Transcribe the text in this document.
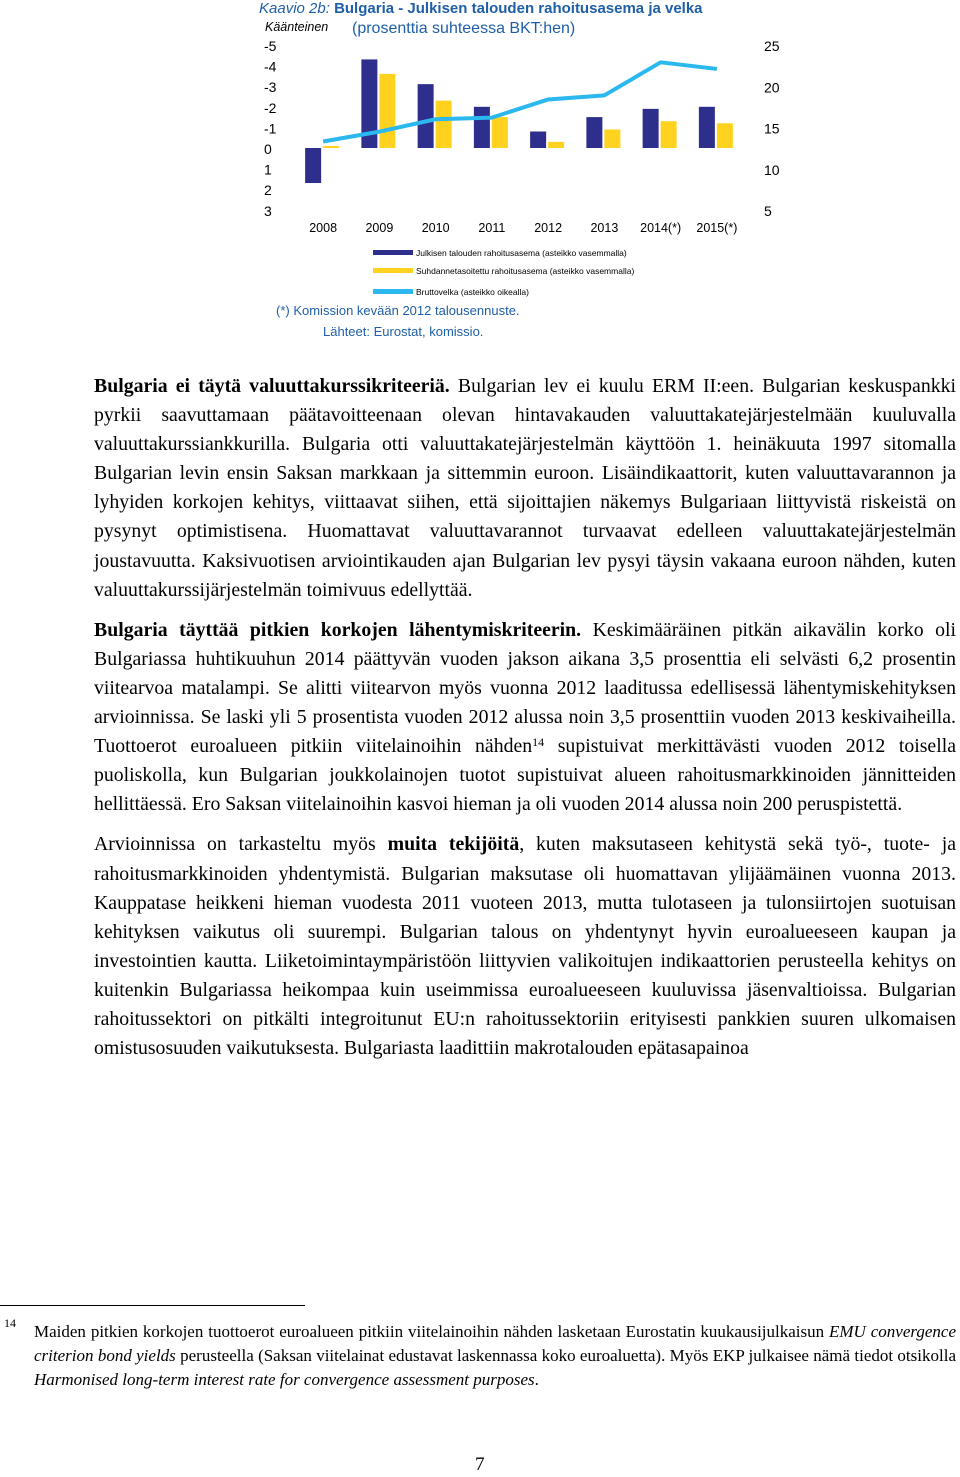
Kaavio 2b: Bulgaria - Julkisen talouden rahoitusasema ja velka
Käänteinen (prosenttia suhteessa BKT:hen)
-5
-4
-3
-2
-1
0
1
2
3
25
20
15
10
5
2008 2009 2010 2011 2012 2013 2014(*) 2015(*)
Julkisen talouden rahoitusasema (asteikko vasemmalla)
Suhdannetasoitettu rahoitusasema (asteikko vasemmalla)
Bruttovelka (asteikko oikealla)
(*) Komission kevään 2012 talousennuste.
Lähteet: Eurostat, komissio.

Bulgaria ei täytä valuuttakurssikriteeriä. Bulgarian lev ei kuulu ERM II:een. Bulgarian keskuspankki pyrkii saavuttamaan päätavoitteenaan olevan hintavakauden valuuttakatejärjestelmään kuuluvalla valuuttakurssiankkurilla. Bulgaria otti valuuttakatejärjestelmän käyttöön 1. heinäkuuta 1997 sitomalla Bulgarian levin ensin Saksan markkaan ja sittemmin euroon. Lisäindikaattorit, kuten valuuttavarannon ja lyhyiden korkojen kehitys, viittaavat siihen, että sijoittajien näkemys Bulgariaan liittyvistä riskeistä on pysynyt optimistisena. Huomattavat valuuttavarannot turvaavat edelleen valuuttakatejärjestelmän joustavuutta. Kaksivuotisen arviointikauden ajan Bulgarian lev pysyi täysin vakaana euroon nähden, kuten valuuttakurssijärjestelmän toimivuus edellyttää.

Bulgaria täyttää pitkien korkojen lähentymiskriteerin. Keskimääräinen pitkän aikavälin korko oli Bulgariassa huhtikuuhun 2014 päättyvän vuoden jakson aikana 3,5 prosenttia eli selvästi 6,2 prosentin viitearvoa matalampi. Se alitti viitearvon myös vuonna 2012 laaditussa edellisessä lähentymiskehityksen arvioinnissa. Se laski yli 5 prosentista vuoden 2012 alussa noin 3,5 prosenttiin vuoden 2013 keskivaiheilla. Tuottoerot euroalueen pitkiin viitelainoihin nähden$^{14}$ supistuivat merkittävästi vuoden 2012 toisella puoliskolla, kun Bulgarian joukkolainojen tuotot supistuivat alueen rahoitusmarkkinoiden jännitteiden hellittäessä. Ero Saksan viitelainoihin kasvoi hieman ja oli vuoden 2014 alussa noin 200 peruspistettä.

Arvioinnissa on tarkasteltu myös muita tekijöitä, kuten maksutaseen kehitystä sekä työ-, tuote- ja rahoitusmarkkinoiden yhdentymistä. Bulgarian maksutase oli huomattavan ylijäämäinen vuonna 2013. Kauppatase heikkeni hieman vuodesta 2011 vuoteen 2013, mutta tulotaseen ja tulonsiirtojen suotuisan kehityksen vaikutus oli suurempi. Bulgarian talous on yhdentynyt hyvin euroalueeseen kaupan ja investointien kautta. Liiketoimintaympäristöön liittyvien valikoitujen indikaattorien perusteella kehitys on kuitenkin Bulgariassa heikompaa kuin useimmissa euroalueeseen kuuluvissa jäsenvaltioissa. Bulgarian rahoitussektori on pitkälti integroitunut EU:n rahoitussektoriin erityisesti pankkien suuren ulkomaisen omistusosuuden vaikutuksesta. Bulgariasta laadittiin makrotalouden epätasapainoa

14 Maiden pitkien korkojen tuottoerot euroalueen pitkiin viitelainoihin nähden lasketaan Eurostatin kuukausijulkaisun EMU convergence criterion bond yields perusteella (Saksan viitelainat edustavat laskennassa koko euroaluetta). Myös EKP julkaisee nämä tiedot otsikolla Harmonised long-term interest rate for convergence assessment purposes.
7
